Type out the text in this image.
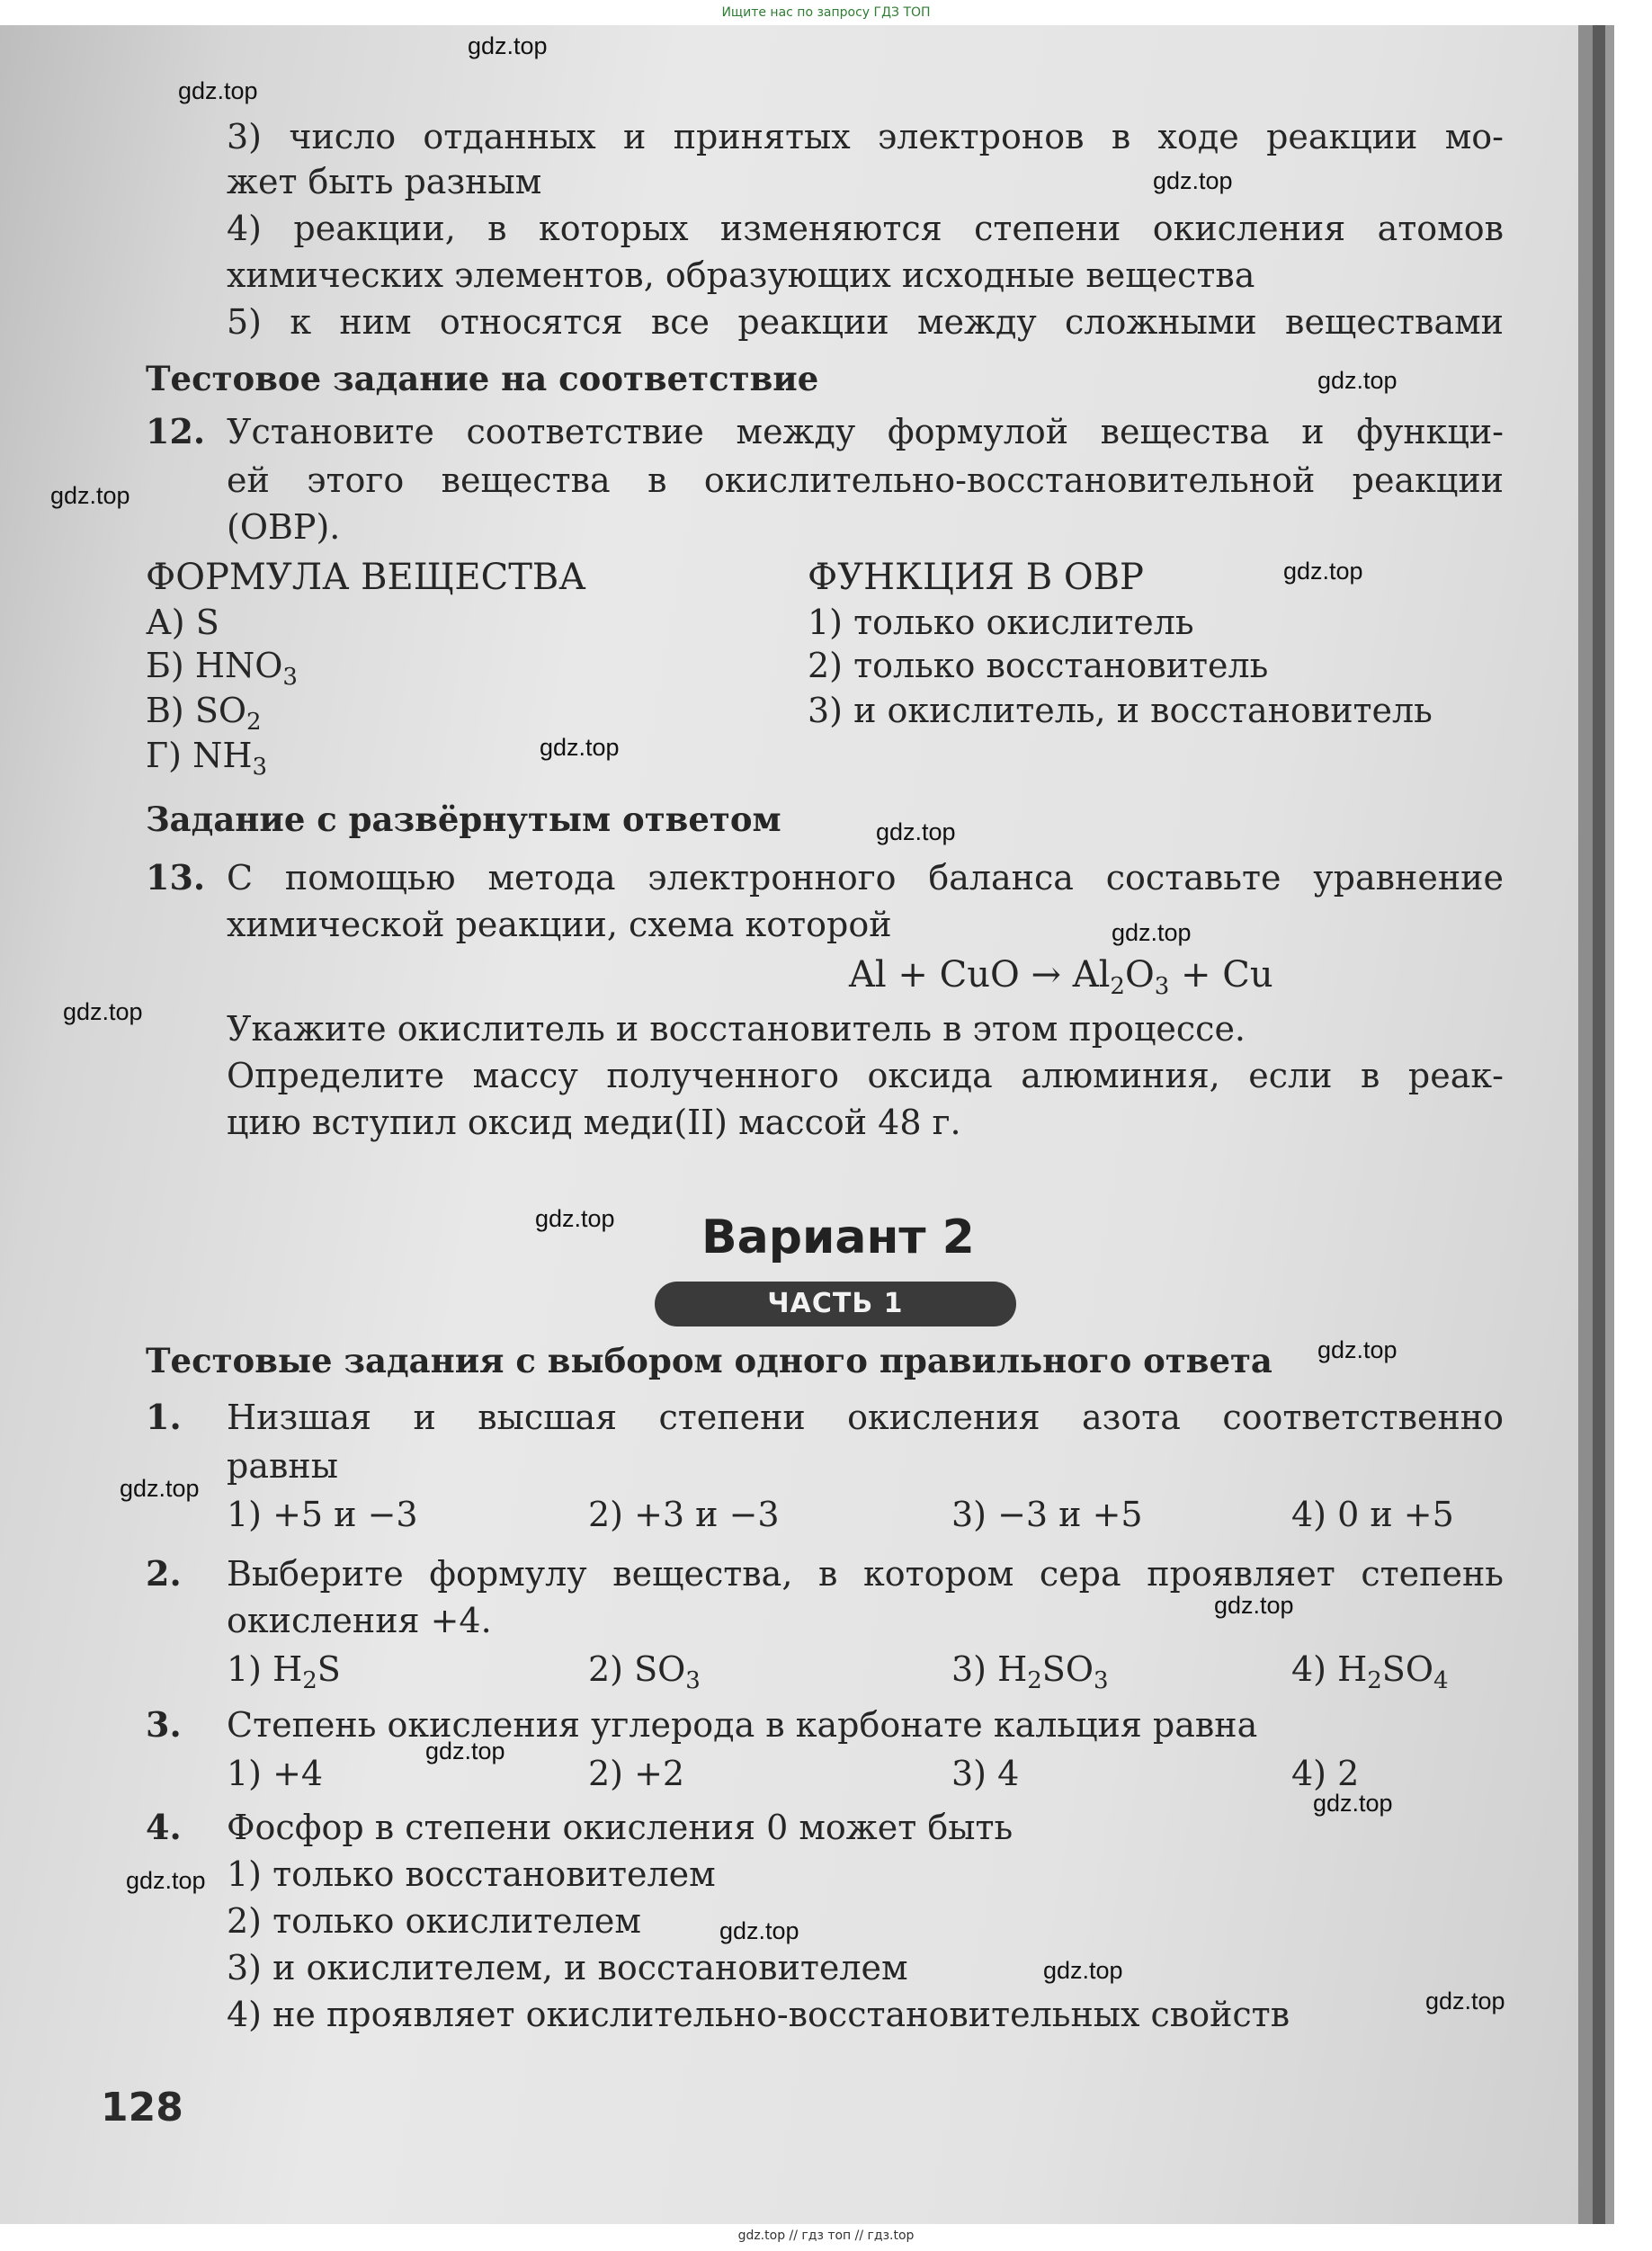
Ищите нас по запросу ГДЗ ТОП
gdz.top
gdz.top
gdz.top
gdz.top
gdz.top
gdz.top
gdz.top
gdz.top
gdz.top
gdz.top
gdz.top
gdz.top
gdz.top
gdz.top
gdz.top
gdz.top
gdz.top
gdz.top
gdz.top
gdz.top
3) число отданных и принятых электронов в ходе реакции мо-
жет быть разным
4) реакции, в которых изменяются степени окисления атомов
химических элементов, образующих исходные вещества
5) к ним относятся все реакции между сложными веществами
Тестовое задание на соответствие
12. Установите соответствие между формулой вещества и функци-
ей этого вещества в окислительно-восстановительной реакции
(ОВР).
ФОРМУЛА ВЕЩЕСТВА	ФУНКЦИЯ В ОВР
А) S
Б) $HNO_3$
В) $SO_2$
Г) $NH_3$
1) только окислитель
2) только восстановитель
3) и окислитель, и восстановитель
Задание с развёрнутым ответом
13. С помощью метода электронного баланса составьте уравнение
химической реакции, схема которой
Al + CuO → $Al_2O_3 + Cu$
Укажите окислитель и восстановитель в этом процессе.
Определите массу полученного оксида алюминия, если в реак-
цию вступил оксид меди(II) массой 48 г.
Вариант 2
ЧАСТЬ 1
Тестовые задания с выбором одного правильного ответа
1. Низшая и высшая степени окисления азота соответственно
равны
1) +5 и −3	2) +3 и −3	3) −3 и +5	4) 0 и +5
2. Выберите формулу вещества, в котором сера проявляет степень
окисления +4.
1) $H_2S$	2) $SO_3$	3) $H_2SO_3$	4) $H_2SO_4$
3. Степень окисления углерода в карбонате кальция равна
1) +4	2) +2	3) 4	4) 2
4. Фосфор в степени окисления 0 может быть
1) только восстановителем
2) только окислителем
3) и окислителем, и восстановителем
4) не проявляет окислительно-восстановительных свойств
128
gdz.top // гдз топ // гдз.top
